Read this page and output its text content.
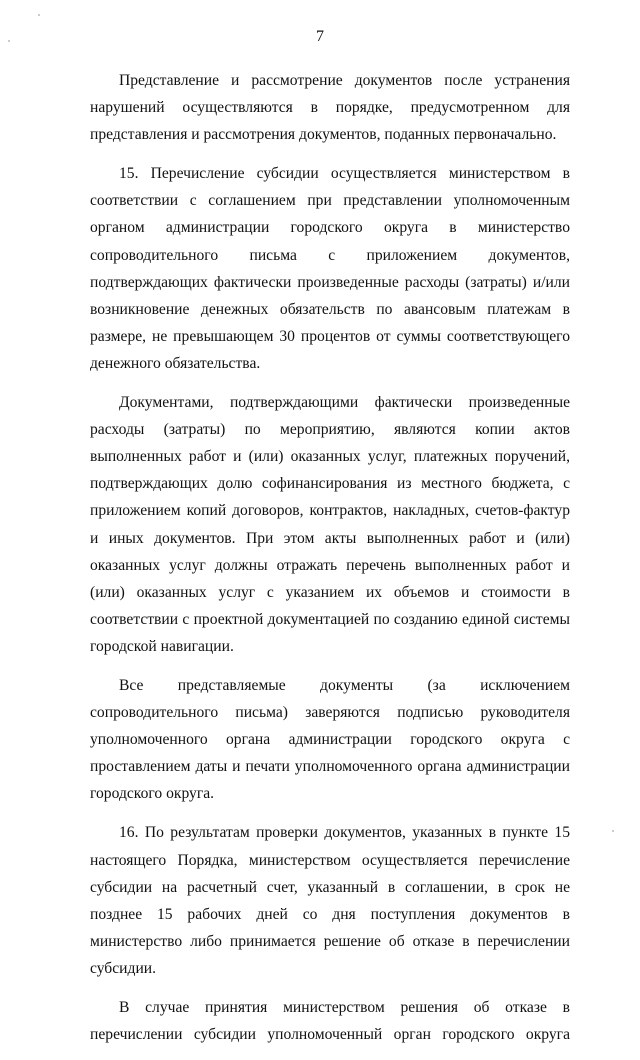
7

Представление и рассмотрение документов после устранения нарушений осуществляются в порядке, предусмотренном для представления и рассмотрения документов, поданных первоначально.

15. Перечисление субсидии осуществляется министерством в соответствии с соглашением при представлении уполномоченным органом администрации городского округа в министерство сопроводительного письма с приложением документов, подтверждающих фактически произведенные расходы (затраты) и/или возникновение денежных обязательств по авансовым платежам в размере, не превышающем 30 процентов от суммы соответствующего денежного обязательства.

Документами, подтверждающими фактически произведенные расходы (затраты) по мероприятию, являются копии актов выполненных работ и (или) оказанных услуг, платежных поручений, подтверждающих долю софинансирования из местного бюджета, с приложением копий договоров, контрактов, накладных, счетов-фактур и иных документов. При этом акты выполненных работ и (или) оказанных услуг должны отражать перечень выполненных работ и (или) оказанных услуг с указанием их объемов и стоимости в соответствии с проектной документацией по созданию единой системы городской навигации.

Все представляемые документы (за исключением сопроводительного письма) заверяются подписью руководителя уполномоченного органа администрации городского округа с проставлением даты и печати уполномоченного органа администрации городского округа.

16. По результатам проверки документов, указанных в пункте 15 настоящего Порядка, министерством осуществляется перечисление субсидии на расчетный счет, указанный в соглашении, в срок не позднее 15 рабочих дней со дня поступления документов в министерство либо принимается решение об отказе в перечислении субсидии.

В случае принятия министерством решения об отказе в перечислении субсидии уполномоченный орган городского округа
